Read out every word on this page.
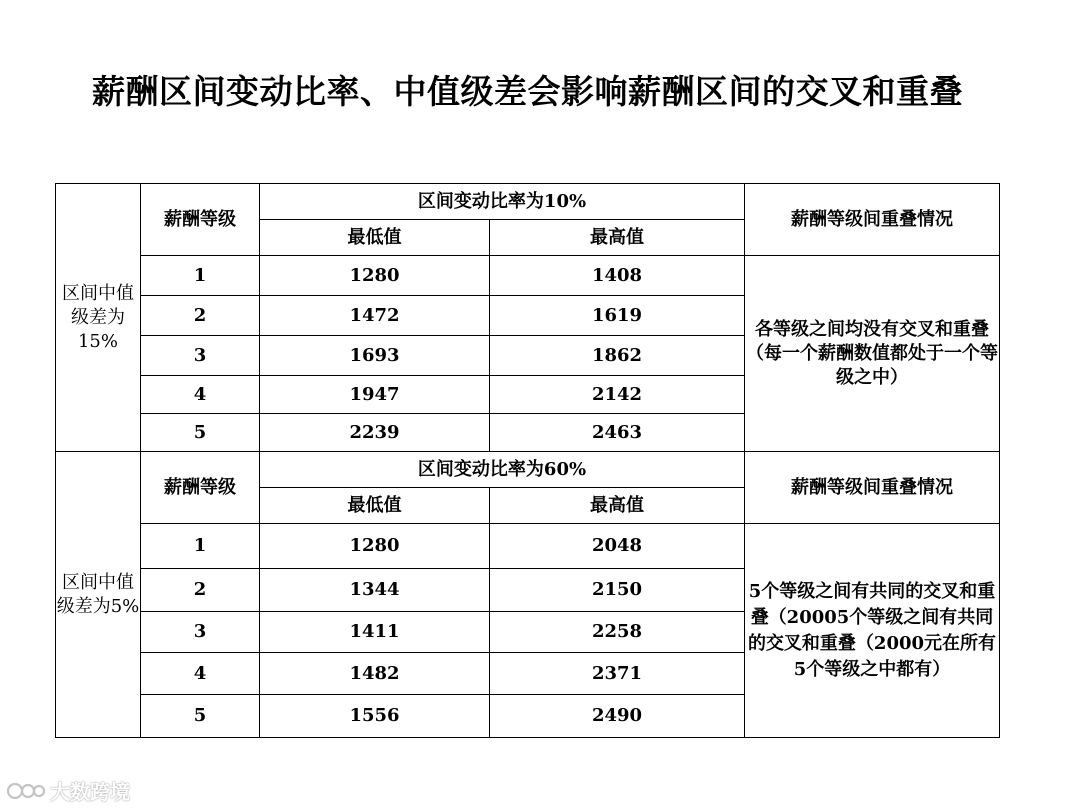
薪酬区间变动比率、中值级差会影响薪酬区间的交叉和重叠
区间中值级差为15%	薪酬等级	区间变动比率为10%		薪酬等级间重叠情况
		最低值	最高值	
	1	1280	1408	各等级之间均没有交叉和重叠（每一个薪酬数值都处于一个等级之中）
	2	1472	1619	
	3	1693	1862	
	4	1947	2142	
	5	2239	2463	
区间中值级差为5%	薪酬等级	区间变动比率为60%		薪酬等级间重叠情况
		最低值	最高值	
	1	1280	2048	5个等级之间有共同的交叉和重叠（20005个等级之间有共同的交叉和重叠（2000元在所有5个等级之中都有）
	2	1344	2150	
	3	1411	2258	
	4	1482	2371	
	5	1556	2490	
大数跨境
